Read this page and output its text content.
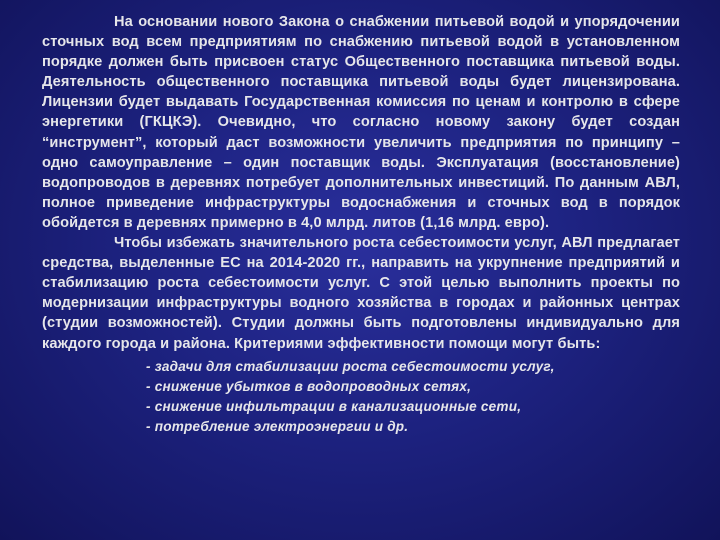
На основании нового Закона о снабжении питьевой водой и упорядочении сточных вод всем предприятиям по снабжению питьевой водой в установленном порядке должен быть присвоен статус Общественного поставщика питьевой воды. Деятельность общественного поставщика питьевой воды будет лицензирована. Лицензии будет выдавать Государственная комиссия по ценам и контролю в сфере энергетики (ГКЦКЭ). Очевидно, что согласно новому закону будет создан “инструмент”, который даст возможности увеличить предприятия по принципу – одно самоуправление – один поставщик воды. Эксплуатация (восстановление) водопроводов в деревнях потребует дополнительных инвестиций. По данным АВЛ, полное приведение инфраструктуры водоснабжения и сточных вод в порядок обойдется в деревнях примерно в 4,0 млрд. литов (1,16 млрд. евро).

Чтобы избежать значительного роста себестоимости услуг, АВЛ предлагает средства, выделенные ЕС на 2014-2020 гг., направить на укрупнение предприятий и стабилизацию роста себестоимости услуг. С этой целью выполнить проекты по модернизации инфраструктуры водного хозяйства в городах и районных центрах (студии возможностей). Студии должны быть подготовлены индивидуально для каждого города и района. Критериями эффективности помощи могут быть:

- задачи для стабилизации роста себестоимости услуг,
- снижение убытков в водопроводных сетях,
- снижение инфильтрации в канализационные сети,
- потребление электроэнергии и др.
